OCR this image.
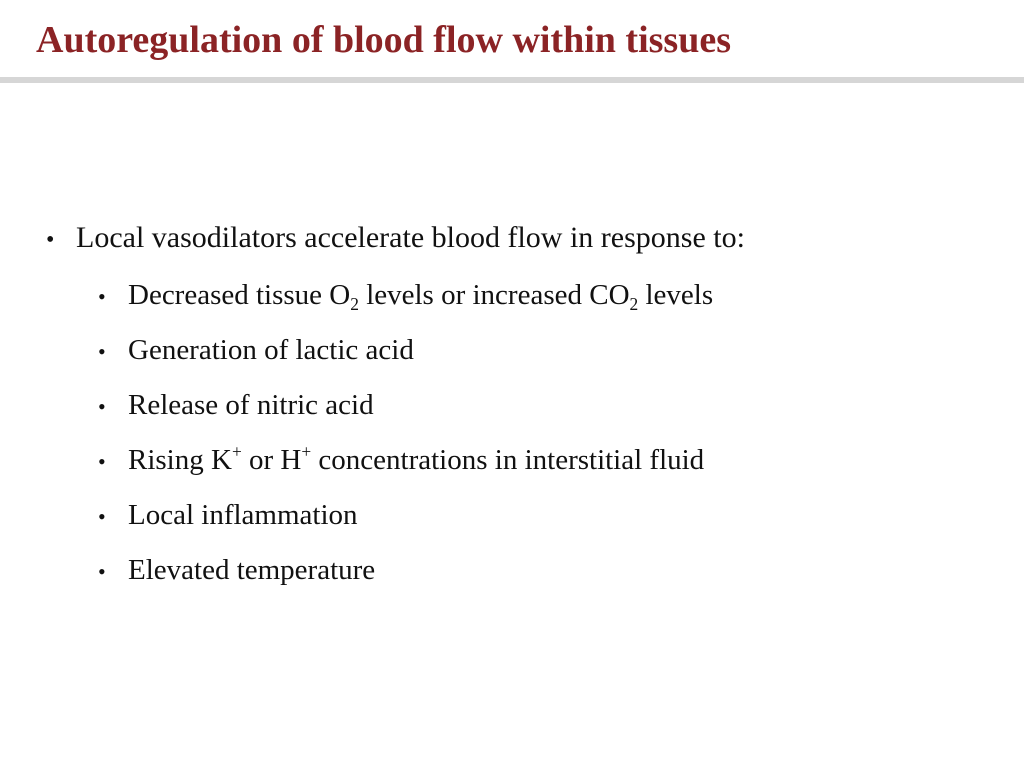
Autoregulation of blood flow within tissues
• Local vasodilators accelerate blood flow in response to:
• Decreased tissue $O_2$ levels or increased $CO_2$ levels
• Generation of lactic acid
• Release of nitric acid
• Rising K+ or H+ concentrations in interstitial fluid
• Local inflammation
• Elevated temperature
